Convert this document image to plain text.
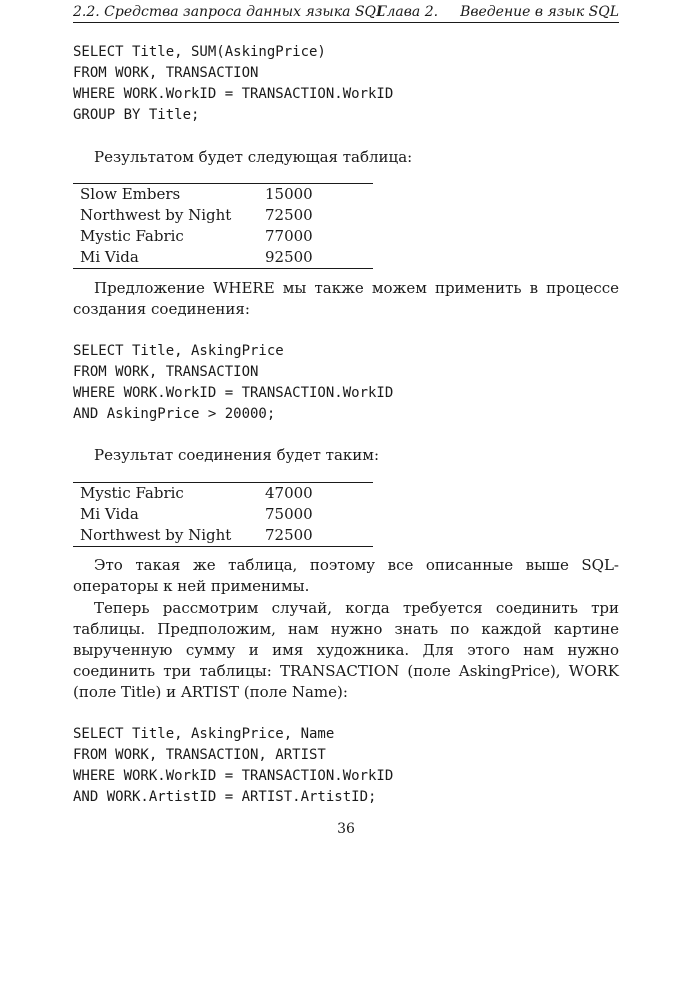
2.2. Средства запроса данных языка SQL
Глава 2. Введение в язык SQL
SELECT Title, SUM(AskingPrice)
FROM WORK, TRANSACTION
WHERE WORK.WorkID = TRANSACTION.WorkID
GROUP BY Title;

Результатом будет следующая таблица:

Slow Embers	15000
Northwest by Night	72500
Mystic Fabric	77000
Mi Vida	92500

Предложение WHERE мы также можем применить в процессе создания соединения:

SELECT Title, AskingPrice
FROM WORK, TRANSACTION
WHERE WORK.WorkID = TRANSACTION.WorkID
AND AskingPrice > 20000;

Результат соединения будет таким:

Mystic Fabric	47000
Mi Vida	75000
Northwest by Night	72500

Это такая же таблица, поэтому все описанные выше SQL-операторы к ней применимы.

Теперь рассмотрим случай, когда требуется соединить три таблицы. Предположим, нам нужно знать по каждой картине вырученную сумму и имя художника. Для этого нам нужно соединить три таблицы: TRANSACTION (поле AskingPrice), WORK (поле Title) и ARTIST (поле Name):

SELECT Title, AskingPrice, Name
FROM WORK, TRANSACTION, ARTIST
WHERE WORK.WorkID = TRANSACTION.WorkID
AND WORK.ArtistID = ARTIST.ArtistID;
36
